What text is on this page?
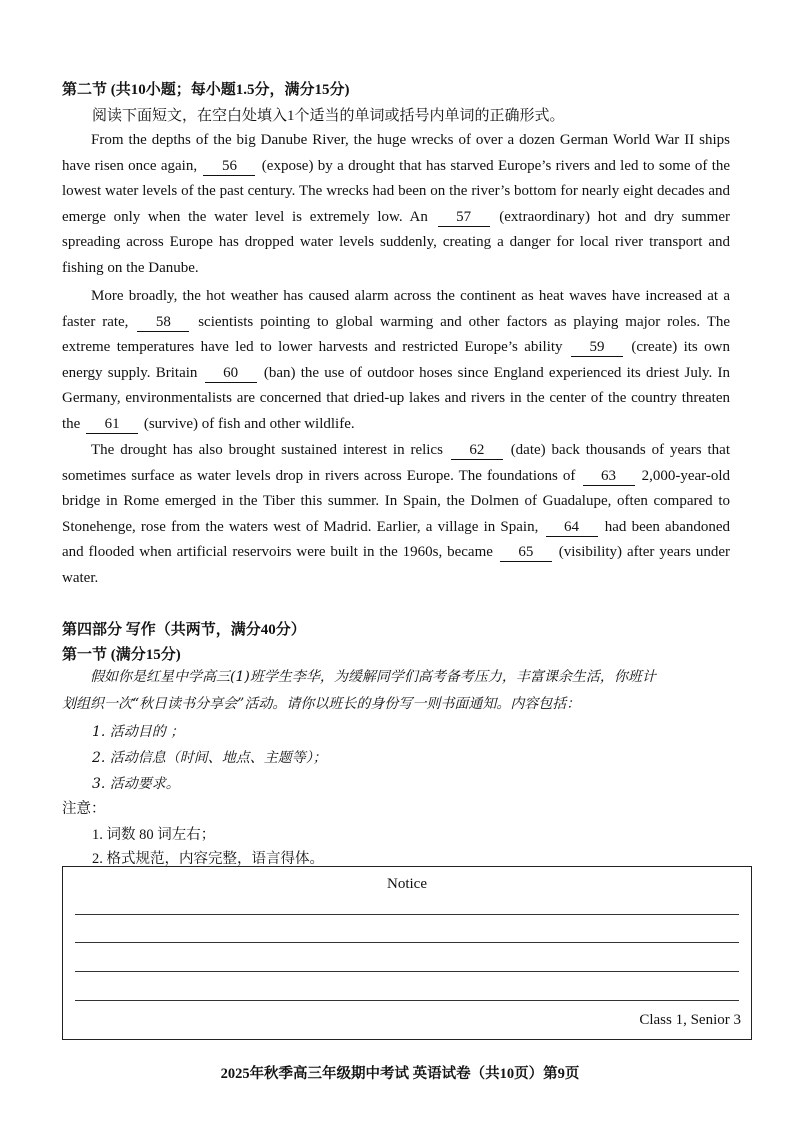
第二节 (共10小题；每小题1.5分，满分15分)
阅读下面短文，在空白处填入1个适当的单词或括号内单词的正确形式。
From the depths of the big Danube River, the huge wrecks of over a dozen German World War II ships have risen once again, 56 (expose) by a drought that has starved Europe’s rivers and led to some of the lowest water levels of the past century. The wrecks had been on the river’s bottom for nearly eight decades and emerge only when the water level is extremely low. An 57 (extraordinary) hot and dry summer spreading across Europe has dropped water levels suddenly, creating a danger for local river transport and fishing on the Danube.
More broadly, the hot weather has caused alarm across the continent as heat waves have increased at a faster rate, 58 scientists pointing to global warming and other factors as playing major roles. The extreme temperatures have led to lower harvests and restricted Europe’s ability 59 (create) its own energy supply. Britain 60 (ban) the use of outdoor hoses since England experienced its driest July. In Germany, environmentalists are concerned that dried-up lakes and rivers in the center of the country threaten the 61 (survive) of fish and other wildlife.
The drought has also brought sustained interest in relics 62 (date) back thousands of years that sometimes surface as water levels drop in rivers across Europe. The foundations of 63 2,000-year-old bridge in Rome emerged in the Tiber this summer. In Spain, the Dolmen of Guadalupe, often compared to Stonehenge, rose from the waters west of Madrid. Earlier, a village in Spain, 64 had been abandoned and flooded when artificial reservoirs were built in the 1960s, became 65 (visibility) after years under water.
第四部分 写作（共两节，满分40分）
第一节 (满分15分)
假如你是红星中学高三(1)班学生李华，为缓解同学们高考备考压力，丰富课余生活，你班计
划组织一次“秋日读书分享会”活动。请你以班长的身份写一则书面通知。内容包括：
1. 活动目的 ；
2. 活动信息（时间、地点、主题等）；
3. 活动要求。
注意：
1. 词数 80 词左右；
2. 格式规范，内容完整，语言得体。
Notice
Class 1, Senior 3
2025年秋季高三年级期中考试 英语试卷（共10页）第9页
